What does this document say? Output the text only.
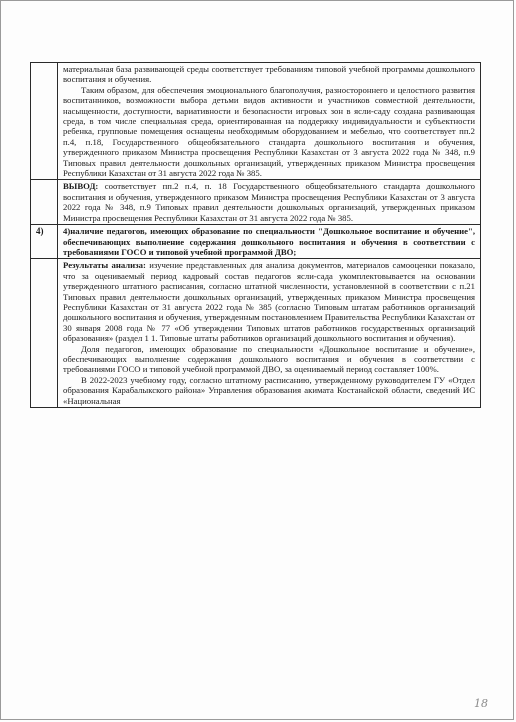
	материальная база развивающей среды соответствует требованиям типовой учебной программы дошкольного воспитания и обучения.

Таким образом, для обеспечения эмоционального благополучия, разностороннего и целостного развития воспитанников, возможности выбора детьми видов активности и участников совместной деятельности, насыщенности, доступности, вариативности и безопасности игровых зон в ясли-саду создана развивающая среда, в том числе специальная среда, ориентированная на поддержку индивидуальности и субъектности ребенка, групповые помещения оснащены необходимым оборудованием и мебелью, что соответствует пп.2 п.4, п.18, Государственного общеобязательного стандарта дошкольного воспитания и обучения, утвержденного приказом Министра просвещения Республики Казахстан от 3 августа 2022 года № 348, п.9 Типовых правил деятельности дошкольных организаций, утвержденных приказом Министра просвещения Республики Казахстан от 31 августа 2022 года № 385.

	ВЫВОД: соответствует пп.2 п.4, п. 18 Государственного общеобязательного стандарта дошкольного воспитания и обучения, утвержденного приказом Министра просвещения Республики Казахстан от 3 августа 2022 года № 348, п.9 Типовых правил деятельности дошкольных организаций, утвержденных приказом Министра просвещения Республики Казахстан от 31 августа 2022 года № 385.

4)	4)наличие педагогов, имеющих образование по специальности "Дошкольное воспитание и обучение", обеспечивающих выполнение содержания дошкольного воспитания и обучения в соответствии с требованиями ГОСО и типовой учебной программой ДВО;

	Результаты анализа: изучение представленных для анализа документов, материалов самооценки показало, что за оцениваемый период кадровый состав педагогов ясли-сада укомплектовывается на основании утвержденного штатного расписания, согласно штатной численности, установленной в соответствии с п.21 Типовых правил деятельности дошкольных организаций, утвержденных приказом Министра просвещения Республики Казахстан от 31 августа 2022 года № 385 (согласно Типовым штатам работников организаций дошкольного воспитания и обучения, утвержденным постановлением Правительства Республики Казахстан от 30 января 2008 года № 77 «Об утверждении Типовых штатов работников государственных организаций образования» (раздел 1 1. Типовые штаты работников организаций дошкольного воспитания и обучения).

Доля педагогов, имеющих образование по специальности «Дошкольное воспитание и обучение», обеспечивающих выполнение содержания дошкольного воспитания и обучения в соответствии с требованиями ГОСО и типовой учебной программой ДВО, за оцениваемый период составляет 100%.

В 2022-2023 учебному году, согласно штатному расписанию, утвержденному руководителем ГУ «Отдел образования Карабалыкского района» Управления образования акимата Костанайской области, сведений ИС «Национальная

18
